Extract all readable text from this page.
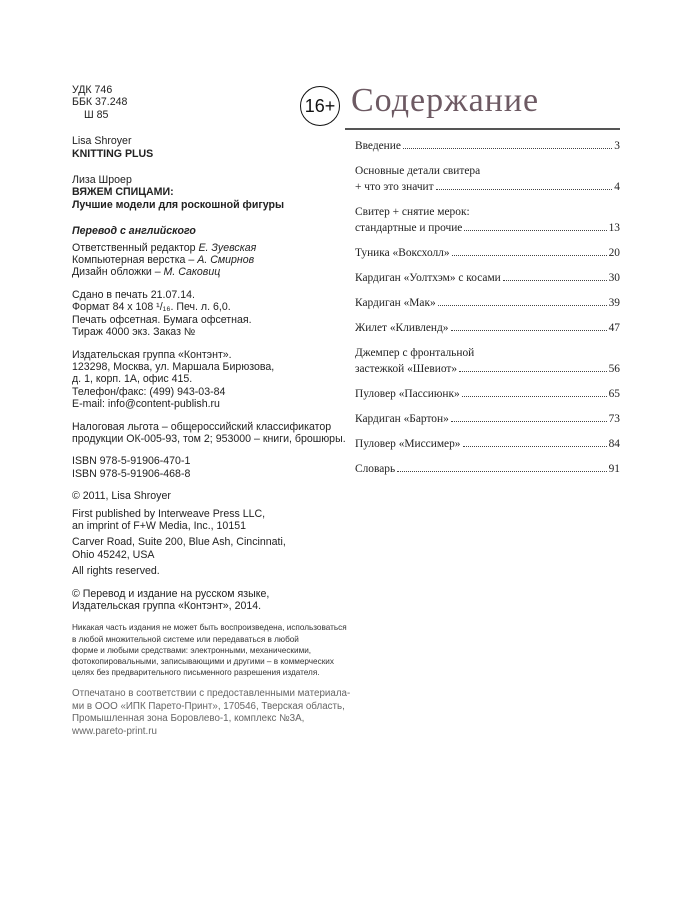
УДК 746
ББК 37.248
Ш 85
Lisa Shroyer
KNITTING PLUS
Лиза Шроер
ВЯЖЕМ СПИЦАМИ:
Лучшие модели для роскошной фигуры
Перевод с английского
Ответственный редактор Е. Зуевская
Компьютерная верстка – А. Смирнов
Дизайн обложки – М. Саковиц
Сдано в печать 21.07.14.
Формат 84 х 108 ¹/₁₆. Печ. л. 6,0.
Печать офсетная. Бумага офсетная.
Тираж 4000 экз. Заказ №
Издательская группа «Контэнт».
123298, Москва, ул. Маршала Бирюзова,
д. 1, корп. 1А, офис 415.
Телефон/факс: (499) 943-03-84
E-mail: info@content-publish.ru
Налоговая льгота – общероссийский классификатор
продукции ОК-005-93, том 2; 953000 – книги, брошюры.
ISBN 978-5-91906-470-1
ISBN 978-5-91906-468-8
© 2011, Lisa Shroyer
First published by Interweave Press LLC,
an imprint of F+W Media, Inc., 10151
Carver Road, Suite 200, Blue Ash, Cincinnati,
Ohio 45242, USA
All rights reserved.
© Перевод и издание на русском языке,
Издательская группа «Контэнт», 2014.
Никакая часть издания не может быть воспроизведена, использоваться
в любой множительной системе или передаваться в любой
форме и любыми средствами: электронными, механическими,
фотокопировальными, записывающими и другими – в коммерческих
целях без предварительного письменного разрешения издателя.
Отпечатано в соответствии с предоставленными материала-
ми в ООО «ИПК Парето-Принт», 170546, Тверская область,
Промышленная зона Боровлево-1, комплекс №3А,
www.pareto-print.ru
16+ Содержание
Введение	3
Основные детали свитера
+ что это значит	4
Свитер + снятие мерок:
стандартные и прочие	13
Туника «Воксхолл»	20
Кардиган «Уолтхэм» с косами	30
Кардиган «Мак»	39
Жилет «Кливленд»	47
Джемпер с фронтальной
застежкой «Шевиот»	56
Пуловер «Пассиюнк»	65
Кардиган «Бартон»	73
Пуловер «Миссимер»	84
Словарь	91
